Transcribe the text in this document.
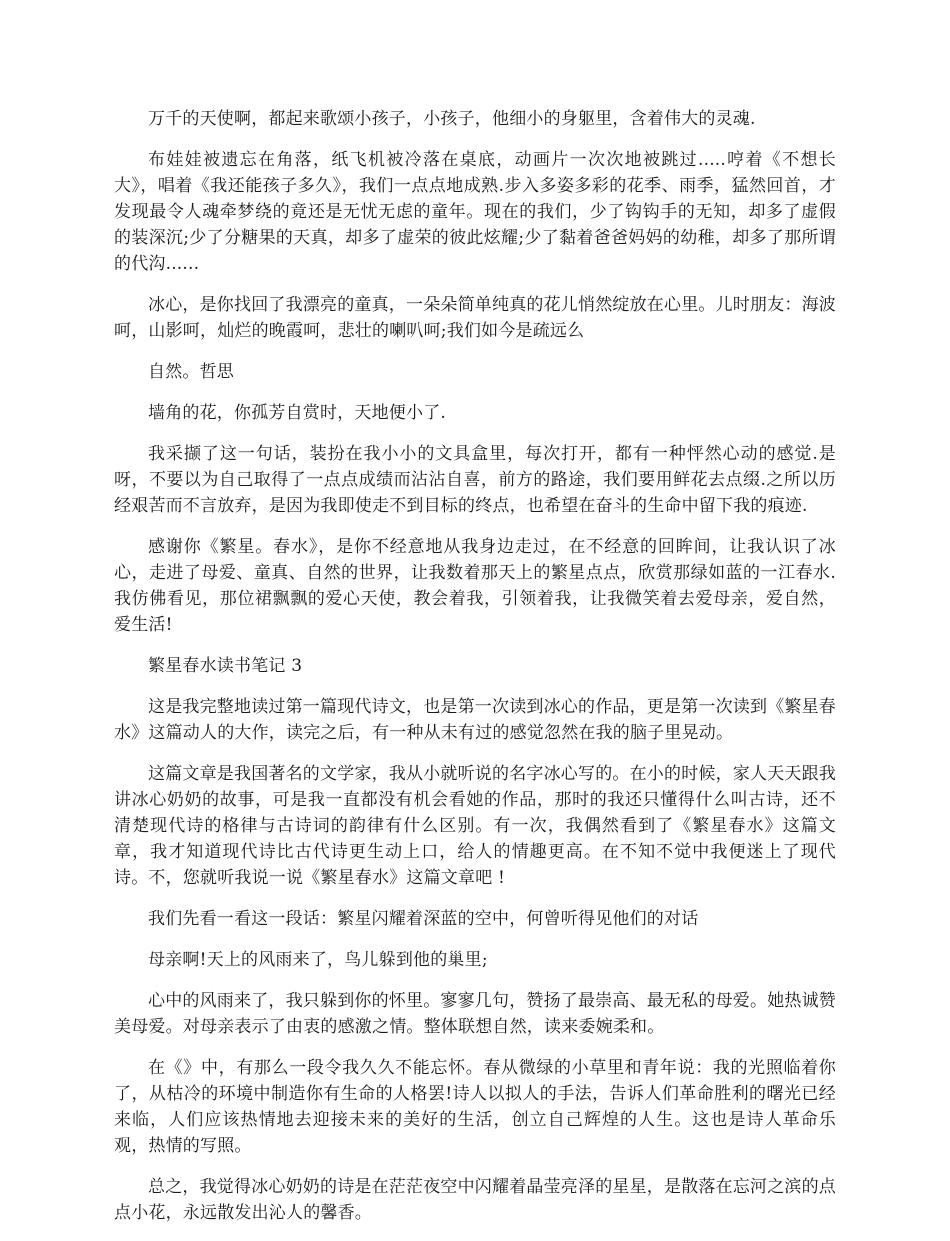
万千的天使啊，都起来歌颂小孩子，小孩子，他细小的身躯里，含着伟大的灵魂.

布娃娃被遗忘在角落，纸飞机被冷落在桌底，动画片一次次地被跳过.....哼着《不想长大》，唱着《我还能孩子多久》，我们一点点地成熟.步入多姿多彩的花季、雨季，猛然回首，才发现最令人魂牵梦绕的竟还是无忧无虑的童年。现在的我们，少了钩钩手的无知，却多了虚假的装深沉;少了分糖果的天真，却多了虚荣的彼此炫耀;少了黏着爸爸妈妈的幼稚，却多了那所谓的代沟......

冰心，是你找回了我漂亮的童真，一朵朵简单纯真的花儿悄然绽放在心里。儿时朋友：海波呵，山影呵，灿烂的晚霞呵，悲壮的喇叭呵;我们如今是疏远么

自然。哲思

墙角的花，你孤芳自赏时，天地便小了.

我采撷了这一句话，装扮在我小小的文具盒里，每次打开，都有一种怦然心动的感觉.是呀，不要以为自己取得了一点点成绩而沾沾自喜，前方的路途，我们要用鲜花去点缀.之所以历经艰苦而不言放弃，是因为我即使走不到目标的终点，也希望在奋斗的生命中留下我的痕迹.

感谢你《繁星。春水》，是你不经意地从我身边走过，在不经意的回眸间，让我认识了冰心，走进了母爱、童真、自然的世界，让我数着那天上的繁星点点，欣赏那绿如蓝的一江春水.我仿佛看见，那位裙飘飘的爱心天使，教会着我，引领着我，让我微笑着去爱母亲，爱自然，爱生活!

繁星春水读书笔记 3

这是我完整地读过第一篇现代诗文，也是第一次读到冰心的作品，更是第一次读到《繁星春水》这篇动人的大作，读完之后，有一种从未有过的感觉忽然在我的脑子里晃动。

这篇文章是我国著名的文学家，我从小就听说的名字冰心写的。在小的时候，家人天天跟我讲冰心奶奶的故事，可是我一直都没有机会看她的作品，那时的我还只懂得什么叫古诗，还不清楚现代诗的格律与古诗词的韵律有什么区别。有一次，我偶然看到了《繁星春水》这篇文章，我才知道现代诗比古代诗更生动上口，给人的情趣更高。在不知不觉中我便迷上了现代诗。不，您就听我说一说《繁星春水》这篇文章吧 !

我们先看一看这一段话：繁星闪耀着深蓝的空中，何曾听得见他们的对话

母亲啊!天上的风雨来了，鸟儿躲到他的巢里;

心中的风雨来了，我只躲到你的怀里。寥寥几句，赞扬了最崇高、最无私的母爱。她热诚赞美母爱。对母亲表示了由衷的感激之情。整体联想自然，读来委婉柔和。

在《》中，有那么一段令我久久不能忘怀。春从微绿的小草里和青年说：我的光照临着你了，从枯冷的环境中制造你有生命的人格罢!诗人以拟人的手法，告诉人们革命胜利的曙光已经来临，人们应该热情地去迎接未来的美好的生活，创立自己辉煌的人生。这也是诗人革命乐观，热情的写照。

总之，我觉得冰心奶奶的诗是在茫茫夜空中闪耀着晶莹亮泽的星星，是散落在忘河之滨的点点小花，永远散发出沁人的馨香。
